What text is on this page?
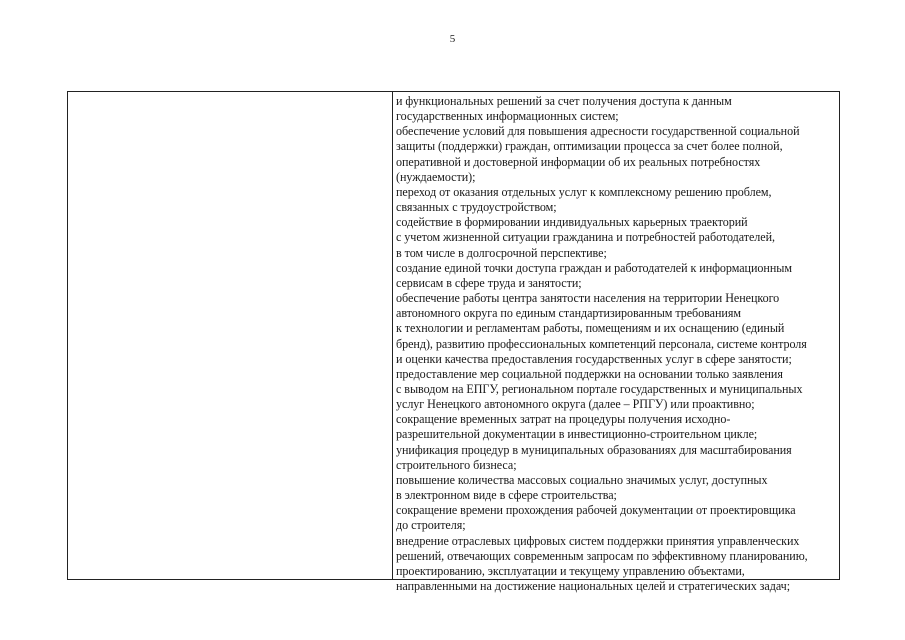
5
и функциональных решений за счет получения доступа к данным
государственных информационных систем;
обеспечение условий для повышения адресности государственной социальной
защиты (поддержки) граждан, оптимизации процесса за счет более полной,
оперативной и достоверной информации об их реальных потребностях
(нуждаемости);
переход от оказания отдельных услуг к комплексному решению проблем,
связанных с трудоустройством;
содействие в формировании индивидуальных карьерных траекторий
с учетом жизненной ситуации гражданина и потребностей работодателей,
в том числе в долгосрочной перспективе;
создание единой точки доступа граждан и работодателей к информационным
сервисам в сфере труда и занятости;
обеспечение работы центра занятости населения на территории Ненецкого
автономного округа по единым стандартизированным требованиям
к технологии и регламентам работы, помещениям и их оснащению (единый
бренд), развитию профессиональных компетенций персонала, системе контроля
и оценки качества предоставления государственных услуг в сфере занятости;
предоставление мер социальной поддержки на основании только заявления
с выводом на ЕПГУ, региональном портале государственных и муниципальных
услуг Ненецкого автономного округа (далее – РПГУ) или проактивно;
сокращение временных затрат на процедуры получения исходно-
разрешительной документации в инвестиционно-строительном цикле;
унификация процедур в муниципальных образованиях для масштабирования
строительного бизнеса;
повышение количества массовых социально значимых услуг, доступных
в электронном виде в сфере строительства;
сокращение времени прохождения рабочей документации от проектировщика
до строителя;
внедрение отраслевых цифровых систем поддержки принятия управленческих
решений, отвечающих современным запросам по эффективному планированию,
проектированию, эксплуатации и текущему управлению объектами,
направленными на достижение национальных целей и стратегических задач;
